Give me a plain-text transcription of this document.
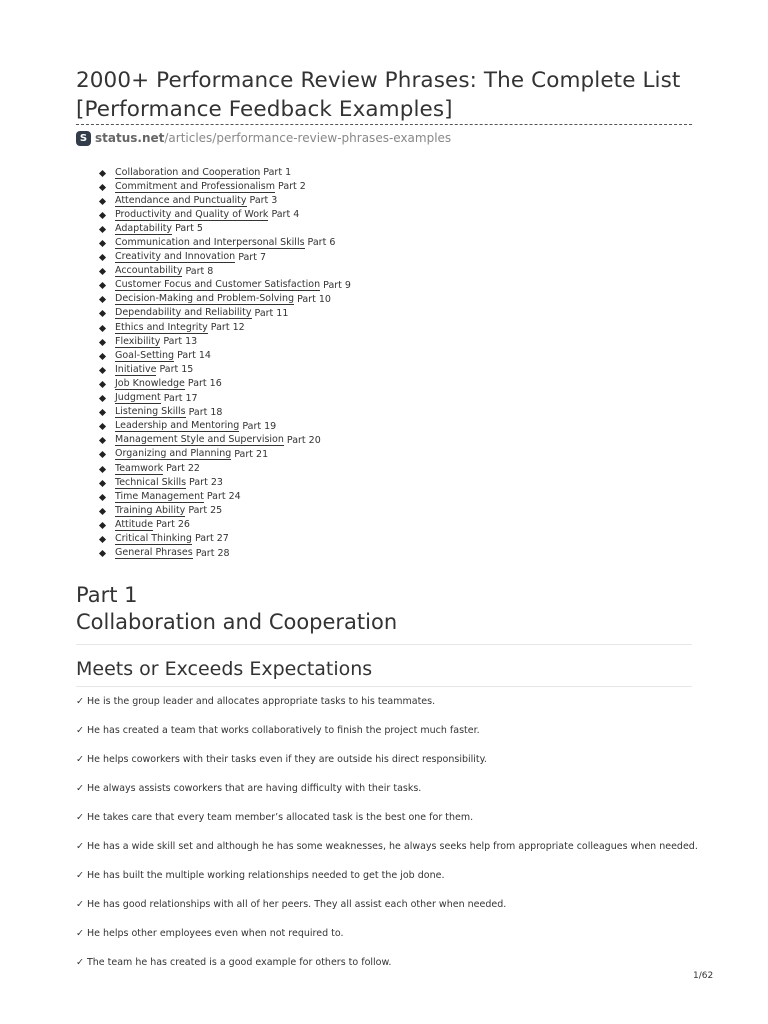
2000+ Performance Review Phrases: The Complete List [Performance Feedback Examples]
S status.net /articles/performance-review-phrases-examples
Collaboration and Cooperation Part 1
Commitment and Professionalism Part 2
Attendance and Punctuality Part 3
Productivity and Quality of Work Part 4
Adaptability Part 5
Communication and Interpersonal Skills Part 6
Creativity and Innovation Part 7
Accountability Part 8
Customer Focus and Customer Satisfaction Part 9
Decision-Making and Problem-Solving Part 10
Dependability and Reliability Part 11
Ethics and Integrity Part 12
Flexibility Part 13
Goal-Setting Part 14
Initiative Part 15
Job Knowledge Part 16
Judgment Part 17
Listening Skills Part 18
Leadership and Mentoring Part 19
Management Style and Supervision Part 20
Organizing and Planning Part 21
Teamwork Part 22
Technical Skills Part 23
Time Management Part 24
Training Ability Part 25
Attitude Part 26
Critical Thinking Part 27
General Phrases Part 28
Part 1
Collaboration and Cooperation
Meets or Exceeds Expectations
✓ He is the group leader and allocates appropriate tasks to his teammates.
✓ He has created a team that works collaboratively to finish the project much faster.
✓ He helps coworkers with their tasks even if they are outside his direct responsibility.
✓ He always assists coworkers that are having difficulty with their tasks.
✓ He takes care that every team member’s allocated task is the best one for them.
✓ He has a wide skill set and although he has some weaknesses, he always seeks help from appropriate colleagues when needed.
✓ He has built the multiple working relationships needed to get the job done.
✓ He has good relationships with all of her peers. They all assist each other when needed.
✓ He helps other employees even when not required to.
✓ The team he has created is a good example for others to follow.
1/62
